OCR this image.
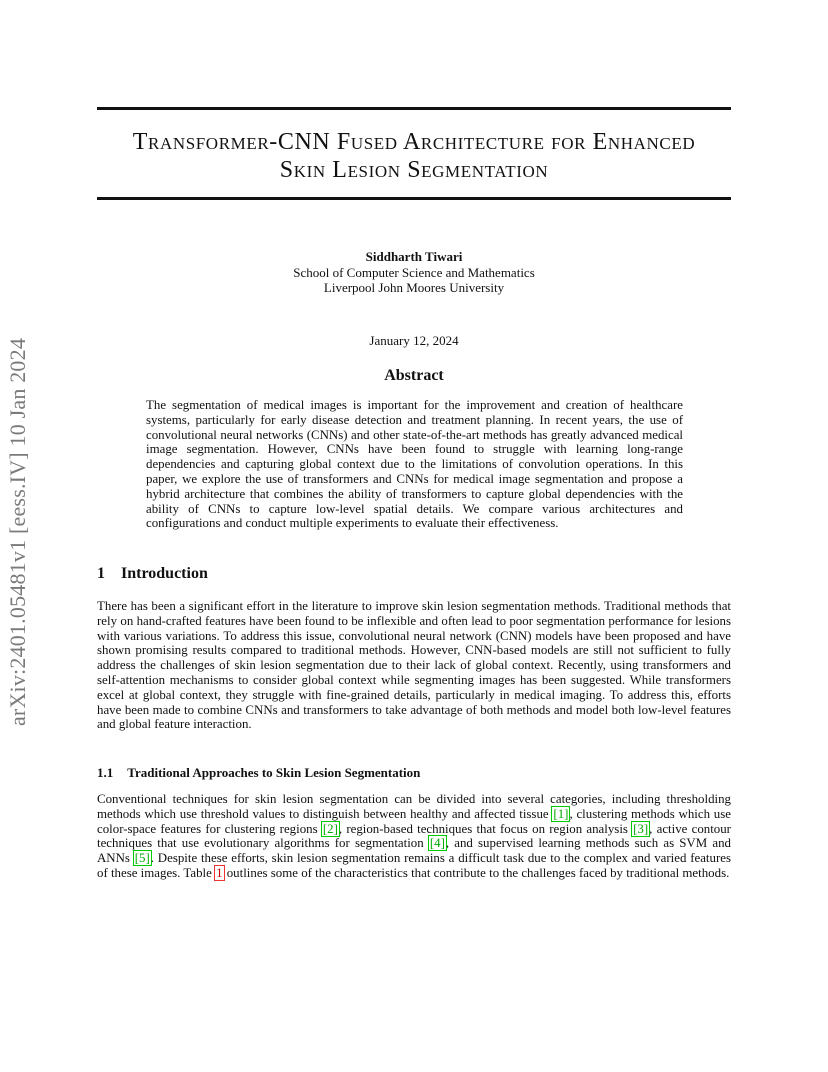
arXiv:2401.05481v1 [eess.IV] 10 Jan 2024
Transformer-CNN Fused Architecture for Enhanced
Skin Lesion Segmentation
Siddharth Tiwari
School of Computer Science and Mathematics
Liverpool John Moores University
January 12, 2024
Abstract
The segmentation of medical images is important for the improvement and creation of healthcare systems, particularly for early disease detection and treatment planning. In recent years, the use of convolutional neural networks (CNNs) and other state-of-the-art methods has greatly advanced medical image segmentation. However, CNNs have been found to struggle with learning long-range dependencies and capturing global context due to the limitations of convolution operations. In this paper, we explore the use of transformers and CNNs for medical image segmentation and propose a hybrid architecture that combines the ability of transformers to capture global dependencies with the ability of CNNs to capture low-level spatial details. We compare various architectures and configurations and conduct multiple experiments to evaluate their effectiveness.
1 Introduction
There has been a significant effort in the literature to improve skin lesion segmentation methods. Traditional methods that rely on hand-crafted features have been found to be inflexible and often lead to poor segmentation performance for lesions with various variations. To address this issue, convolutional neural network (CNN) models have been proposed and have shown promising results compared to traditional methods. However, CNN-based models are still not sufficient to fully address the challenges of skin lesion segmentation due to their lack of global context. Recently, using transformers and self-attention mechanisms to consider global context while segmenting images has been suggested. While transformers excel at global context, they struggle with fine-grained details, particularly in medical imaging. To address this, efforts have been made to combine CNNs and transformers to take advantage of both methods and model both low-level features and global feature interaction.
1.1 Traditional Approaches to Skin Lesion Segmentation
Conventional techniques for skin lesion segmentation can be divided into several categories, including thresholding methods which use threshold values to distinguish between healthy and affected tissue [1], clustering methods which use color-space features for clustering regions [2], region-based techniques that focus on region analysis [3], active contour techniques that use evolutionary algorithms for segmentation [4], and supervised learning methods such as SVM and ANNs [5]. Despite these efforts, skin lesion segmentation remains a difficult task due to the complex and varied features of these images. Table 1 outlines some of the characteristics that contribute to the challenges faced by traditional methods.
